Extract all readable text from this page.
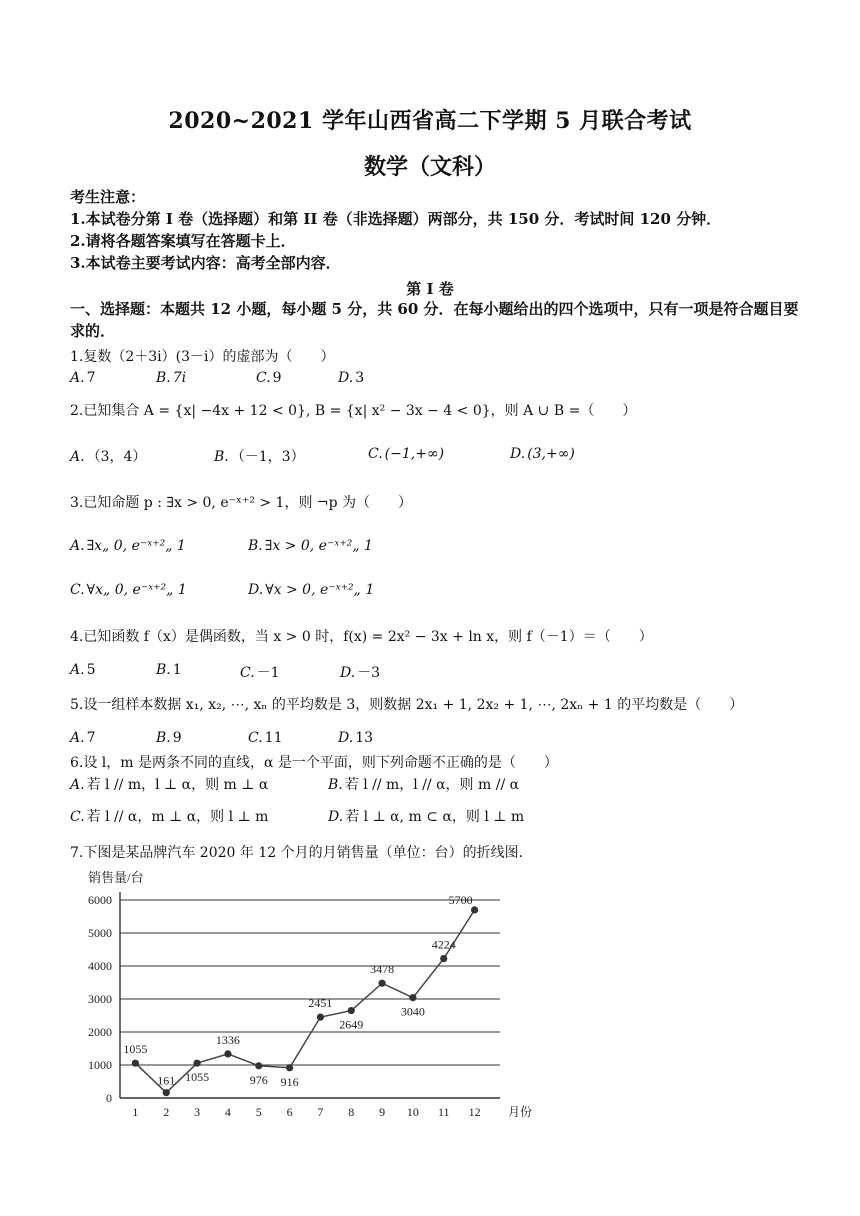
2020~2021 学年山西省高二下学期 5 月联合考试
数学（文科）
考生注意：
1.本试卷分第 I 卷（选择题）和第 II 卷（非选择题）两部分，共 150 分．考试时间 120 分钟．
2.请将各题答案填写在答题卡上．
3.本试卷主要考试内容：高考全部内容．
第 I 卷
一、选择题：本题共 12 小题，每小题 5 分，共 60 分．在每小题给出的四个选项中，只有一项是符合题目要求的．
1.复数（2＋3i）(3－i）的虚部为（　　）
A. 7	B. 7i	C. 9	D. 3
2.已知集合 A = {x| −4x + 12 < 0}, B = {x| x² − 3x − 4 < 0}，则 A ∪ B =（　　）
A. （3，4）	B. （－1，3）	C. (−1,+∞)	D. (3,+∞)
3.已知命题 p : ∃x > 0, e⁻ˣ⁺² > 1，则 ¬p 为（　　）
A. ∃x„ 0, e⁻ˣ⁺²„ 1	B. ∃x > 0, e⁻ˣ⁺²„ 1
C. ∀x„ 0, e⁻ˣ⁺²„ 1	D. ∀x > 0, e⁻ˣ⁺²„ 1
4.已知函数 f（x）是偶函数，当 x > 0 时，f(x) = 2x² − 3x + ln x，则 f（－1）＝（　　）
A. 5	B. 1	C. －1	D. －3
5.设一组样本数据 x₁, x₂, ⋯, xₙ 的平均数是 3，则数据 2x₁ + 1, 2x₂ + 1, ⋯, 2xₙ + 1 的平均数是（　　）
A. 7	B. 9	C. 11	D. 13
6.设 l，m 是两条不同的直线，α 是一个平面，则下列命题不正确的是（　　）
A. 若 l // m，l ⊥ α，则 m ⊥ α	B. 若 l // m，l // α，则 m // α
C. 若 l // α，m ⊥ α，则 l ⊥ m	D. 若 l ⊥ α, m ⊂ α，则 l ⊥ m
7.下图是某品牌汽车 2020 年 12 个月的月销售量（单位：台）的折线图．
销售量/台
0
1000
2000
3000
4000
5000
6000
1 2 3 4 5 6 7 8 9 10 11 12 月份
1055
161 1055
1336
976 916
2451
2649
3478
3040
4224
5700
